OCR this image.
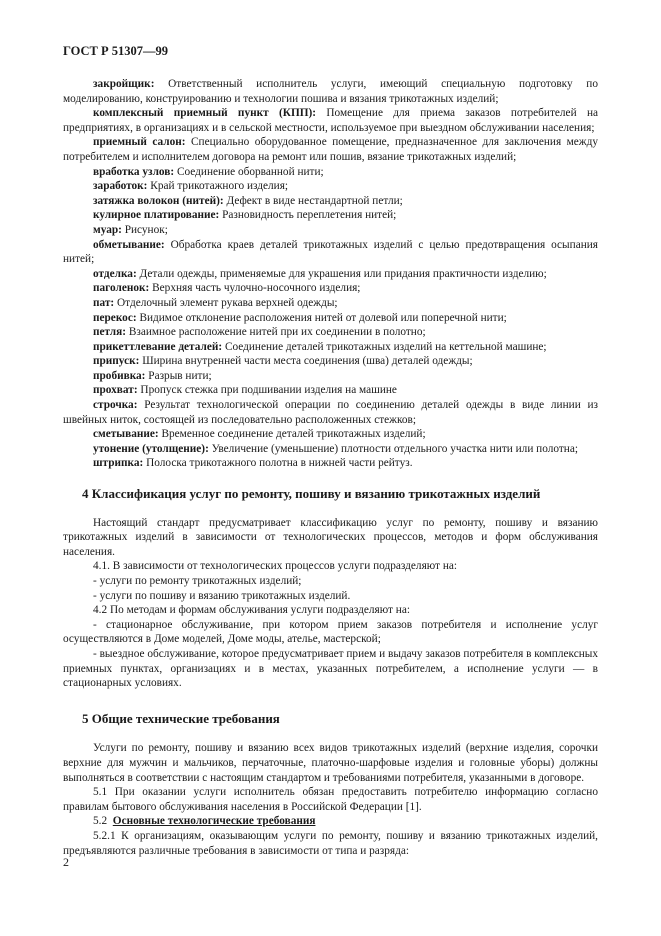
ГОСТ Р 51307—99

закройщик: Ответственный исполнитель услуги, имеющий специальную подготовку по моделированию, конструированию и технологии пошива и вязания трикотажных изделий;

комплексный приемный пункт (КПП): Помещение для приема заказов потребителей на предприятиях, в организациях и в сельской местности, используемое при выездном обслуживании населения;

приемный салон: Специально оборудованное помещение, предназначенное для заключения между потребителем и исполнителем договора на ремонт или пошив, вязание трикотажных изделий;

вработка узлов: Соединение оборванной нити;

заработок: Край трикотажного изделия;

затяжка волокон (нитей): Дефект в виде нестандартной петли;

кулирное платирование: Разновидность переплетения нитей;

муар: Рисунок;

обметывание: Обработка краев деталей трикотажных изделий с целью предотвращения осыпания нитей;

отделка: Детали одежды, применяемые для украшения или придания практичности изделию;

паголенок: Верхняя часть чулочно-носочного изделия;

пат: Отделочный элемент рукава верхней одежды;

перекос: Видимое отклонение расположения нитей от долевой или поперечной нити;

петля: Взаимное расположение нитей при их соединении в полотно;

прикеттлевание деталей: Соединение деталей трикотажных изделий на кеттельной машине;

припуск: Ширина внутренней части места соединения (шва) деталей одежды;

пробивка: Разрыв нити;

прохват: Пропуск стежка при подшивании изделия на машине

строчка: Результат технологической операции по соединению деталей одежды в виде линии из швейных ниток, состоящей из последовательно расположенных стежков;

сметывание: Временное соединение деталей трикотажных изделий;

утонение (утолщение): Увеличение (уменьшение) плотности отдельного участка нити или полотна;

штрипка: Полоска трикотажного полотна в нижней части рейтуз.

4 Классификация услуг по ремонту, пошиву и вязанию трикотажных изделий

Настоящий стандарт предусматривает классификацию услуг по ремонту, пошиву и вязанию трикотажных изделий в зависимости от технологических процессов, методов и форм обслуживания населения.

4.1. В зависимости от технологических процессов услуги подразделяют на:

- услуги по ремонту трикотажных изделий;

- услуги по пошиву и вязанию трикотажных изделий.

4.2 По методам и формам обслуживания услуги подразделяют на:

- стационарное обслуживание, при котором прием заказов потребителя и исполнение услуг осуществляются в Доме моделей, Доме моды, ателье, мастерской;

- выездное обслуживание, которое предусматривает прием и выдачу заказов потребителя в комплексных приемных пунктах, организациях и в местах, указанных потребителем, а исполнение услуги — в стационарных условиях.

5 Общие технические требования

Услуги по ремонту, пошиву и вязанию всех видов трикотажных изделий (верхние изделия, сорочки верхние для мужчин и мальчиков, перчаточные, платочно-шарфовые изделия и головные уборы) должны выполняться в соответствии с настоящим стандартом и требованиями потребителя, указанными в договоре.

5.1 При оказании услуги исполнитель обязан предоставить потребителю информацию согласно правилам бытового обслуживания населения в Российской Федерации [1].

5.2 Основные технологические требования

5.2.1 К организациям, оказывающим услуги по ремонту, пошиву и вязанию трикотажных изделий, предъявляются различные требования в зависимости от типа и разряда:

2
